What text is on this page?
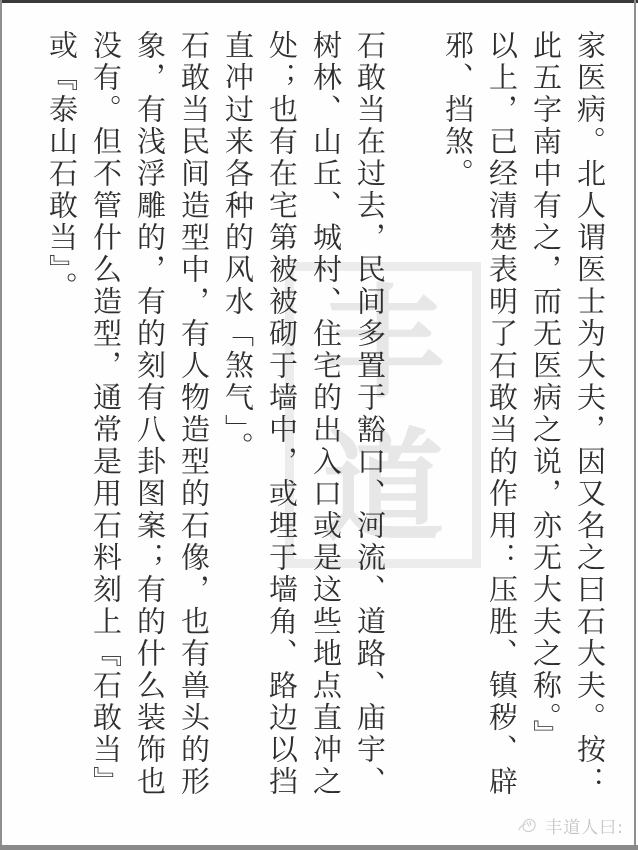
丰
道	家医病。北人谓医士为大夫，因又名之曰石大夫。按：
此五字南中有之，而无医病之说，亦无大夫之称。』
以上，已经清楚表明了石敢当的作用：压胜、镇秽、辟
邪、挡煞。
石敢当在过去，民间多置于豁口、河流、道路、庙宇、
树林、山丘、城村、住宅的出入口或是这些地点直冲之
处；也有在宅第被被砌于墙中，或埋于墙角、路边以挡
直冲过来各种的风水「煞气」。
石敢当民间造型中，有人物造型的石像，也有兽头的形
象，有浅浮雕的，有的刻有八卦图案；有的什么装饰也
没有。但不管什么造型，通常是用石料刻上『石敢当』
或『泰山石敢当』。
丰道人曰:
